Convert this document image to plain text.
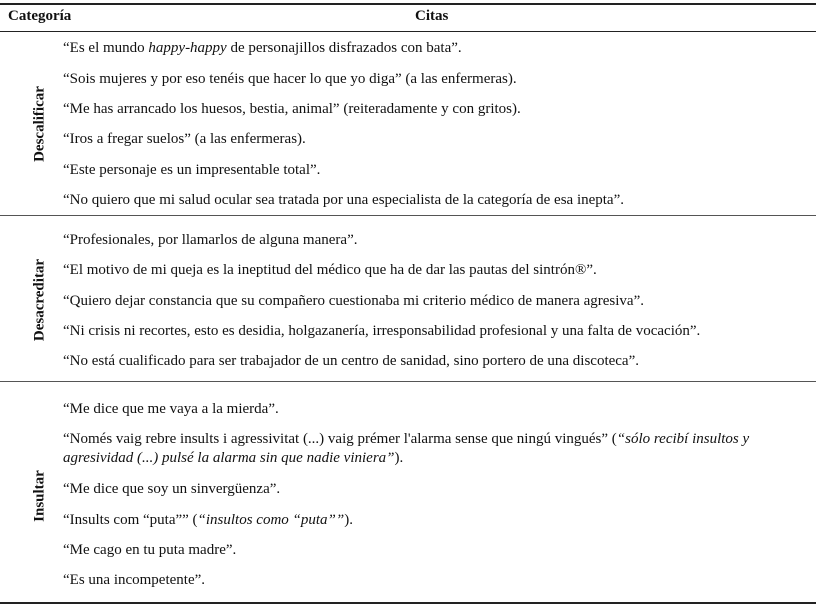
Categoría	Citas
Descalificar
“Es el mundo happy-happy de personajillos disfrazados con bata”.
“Sois mujeres y por eso tenéis que hacer lo que yo diga” (a las enfermeras).
“Me has arrancado los huesos, bestia, animal” (reiteradamente y con gritos).
“Iros a fregar suelos” (a las enfermeras).
“Este personaje es un impresentable total”.
“No quiero que mi salud ocular sea tratada por una especialista de la categoría de esa inepta”.
Desacreditar
“Profesionales, por llamarlos de alguna manera”.
“El motivo de mi queja es la ineptitud del médico que ha de dar las pautas del sintrón®”.
“Quiero dejar constancia que su compañero cuestionaba mi criterio médico de manera agresiva”.
“Ni crisis ni recortes, esto es desidia, holgazanería, irresponsabilidad profesional y una falta de vocación”.
“No está cualificado para ser trabajador de un centro de sanidad, sino portero de una discoteca”.
Insultar
“Me dice que me vaya a la mierda”.
“Només vaig rebre insults i agressivitat (...) vaig prémer l'alarma sense que ningú vingués” (“sólo recibí insultos y agresividad (...) pulsé la alarma sin que nadie viniera”).
“Me dice que soy un sinvergüenza”.
“Insults com “puta”” (“insultos como “puta””).
“Me cago en tu puta madre”.
“Es una incompetente”.
